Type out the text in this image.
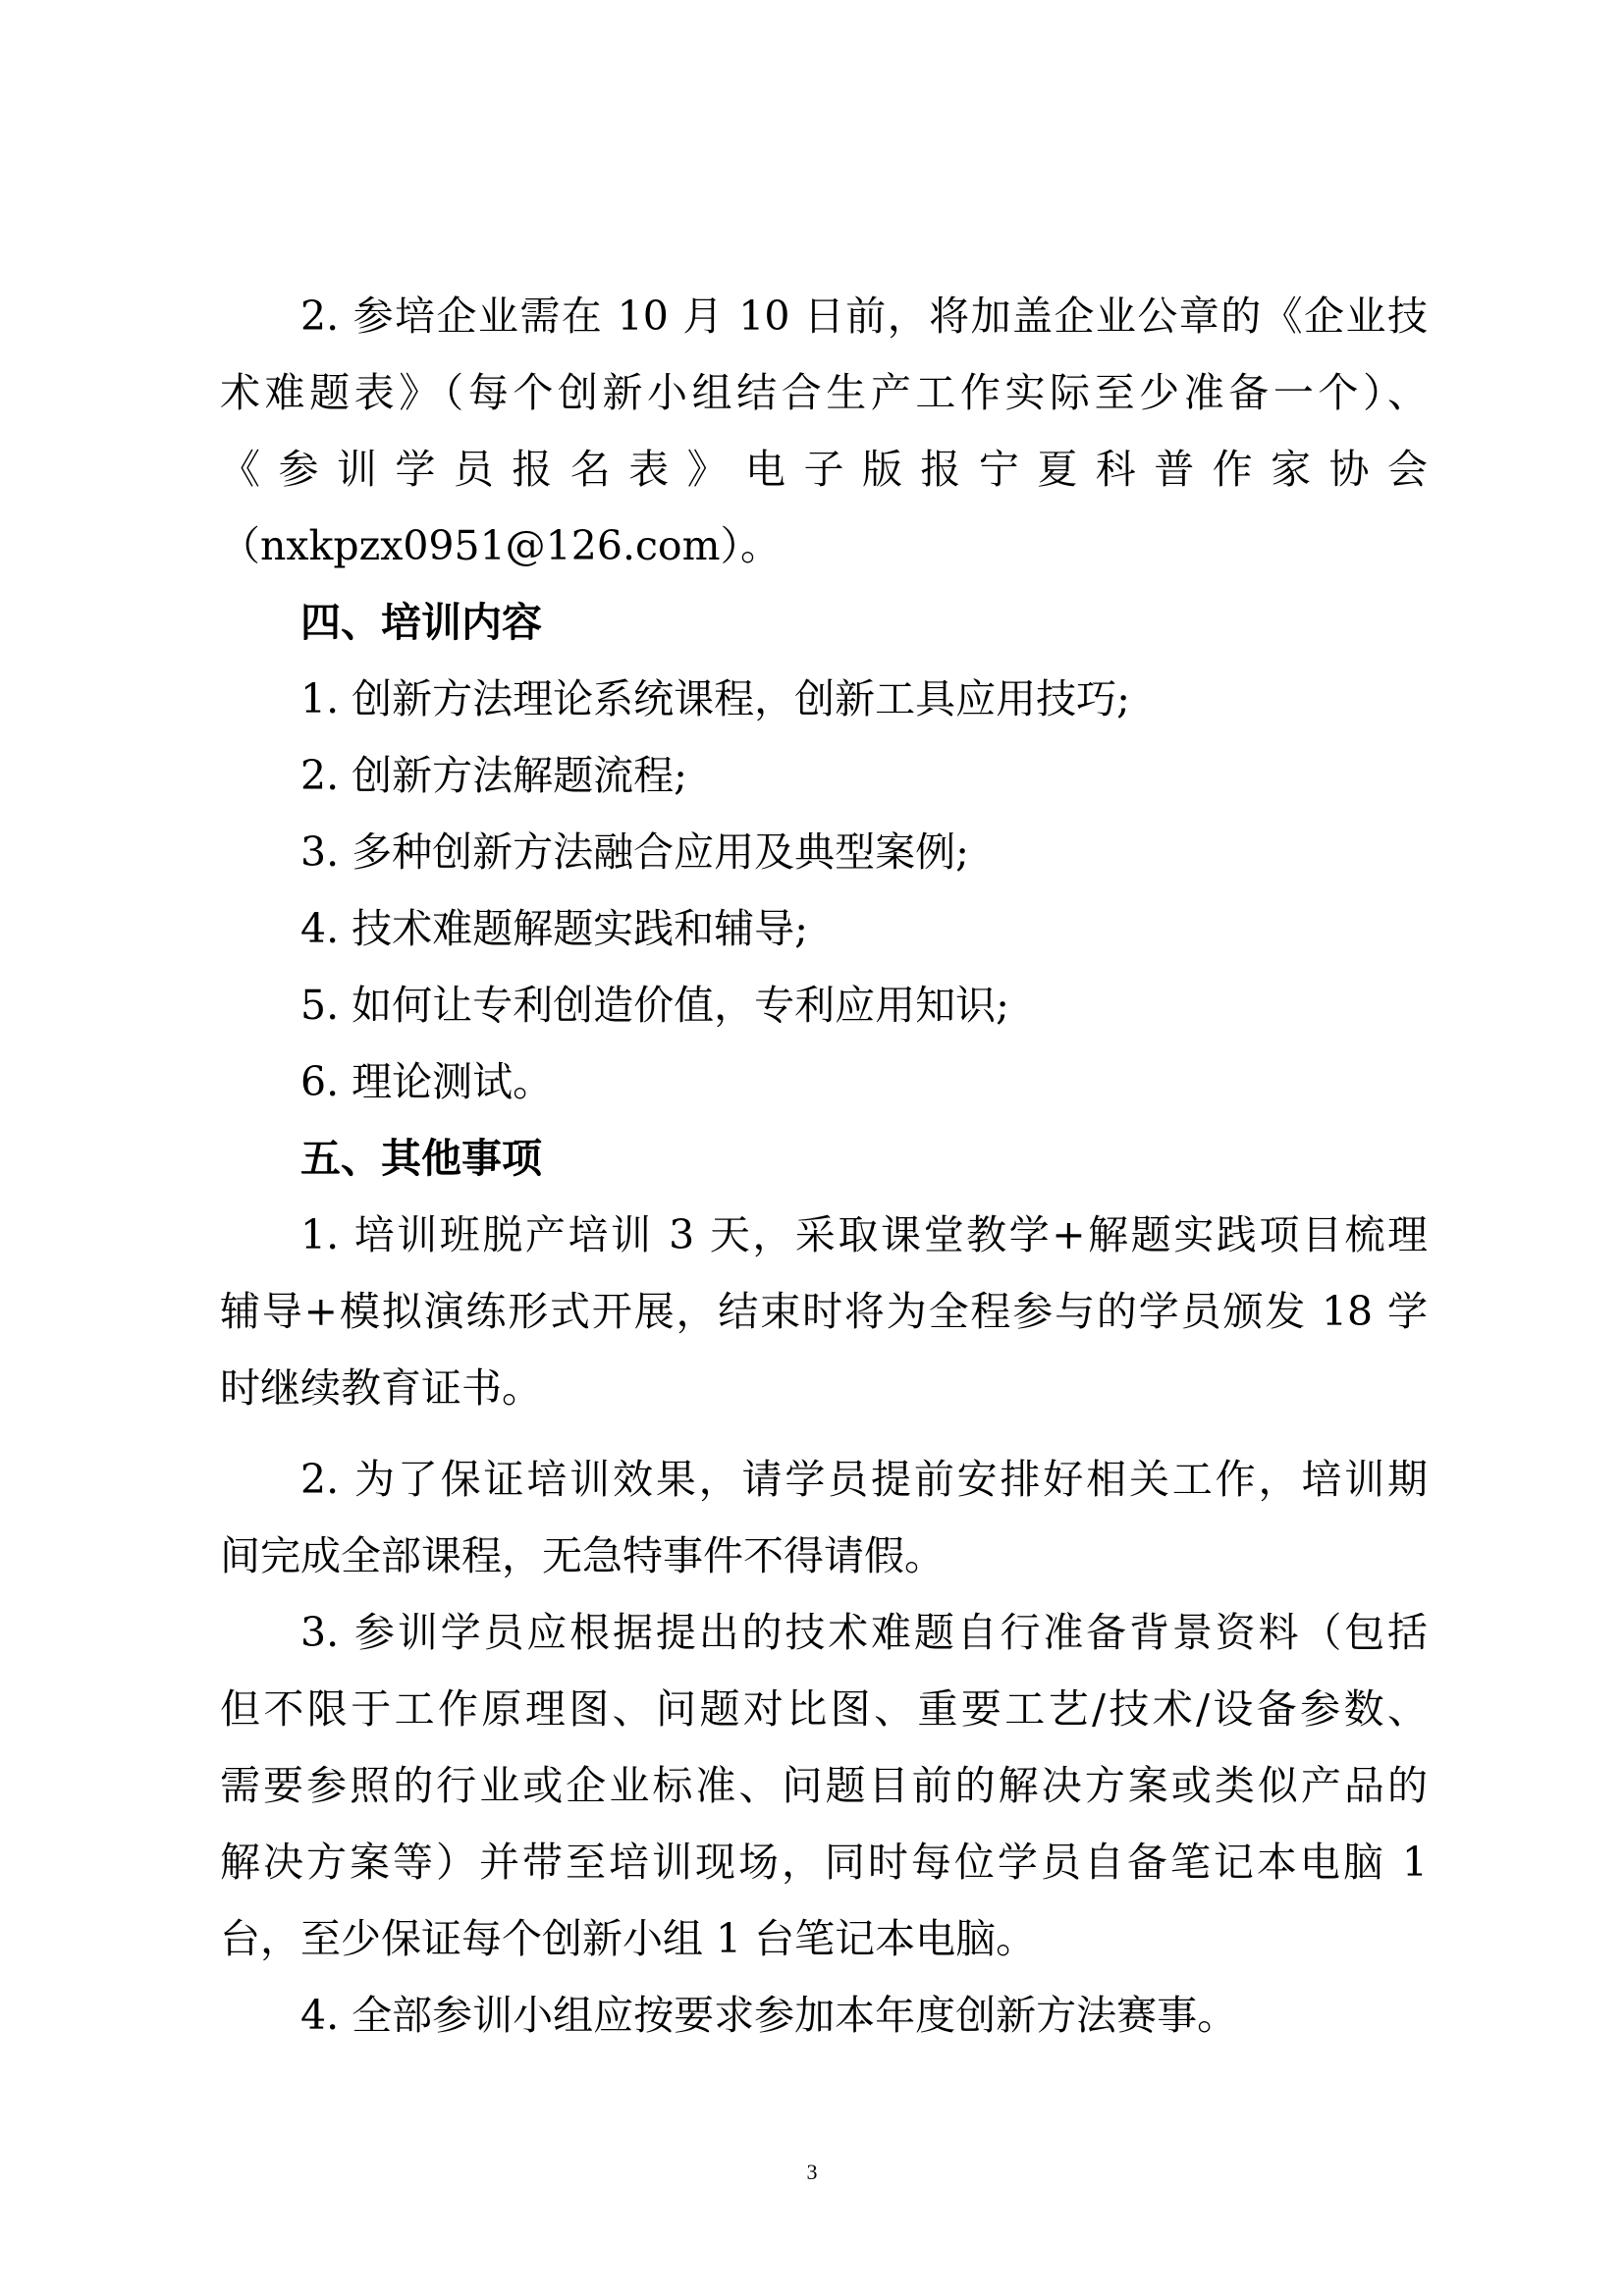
2. 参培企业需在 10 月 10 日前，将加盖企业公章的《企业技
术难题表》（每个创新小组结合生产工作实际至少准备一个）、
《参训学员报名表》电子版报宁夏科普作家协会
（nxkpzx0951@126.com）。
四、培训内容
1. 创新方法理论系统课程，创新工具应用技巧;
2. 创新方法解题流程;
3. 多种创新方法融合应用及典型案例;
4. 技术难题解题实践和辅导;
5. 如何让专利创造价值，专利应用知识;
6. 理论测试。
五、其他事项
1. 培训班脱产培训 3 天，采取课堂教学+解题实践项目梳理
辅导+模拟演练形式开展，结束时将为全程参与的学员颁发 18 学
时继续教育证书。
2. 为了保证培训效果，请学员提前安排好相关工作，培训期
间完成全部课程，无急特事件不得请假。
3. 参训学员应根据提出的技术难题自行准备背景资料（包括
但不限于工作原理图、问题对比图、重要工艺/技术/设备参数、
需要参照的行业或企业标准、问题目前的解决方案或类似产品的
解决方案等）并带至培训现场，同时每位学员自备笔记本电脑 1
台，至少保证每个创新小组 1 台笔记本电脑。
4. 全部参训小组应按要求参加本年度创新方法赛事。
3
